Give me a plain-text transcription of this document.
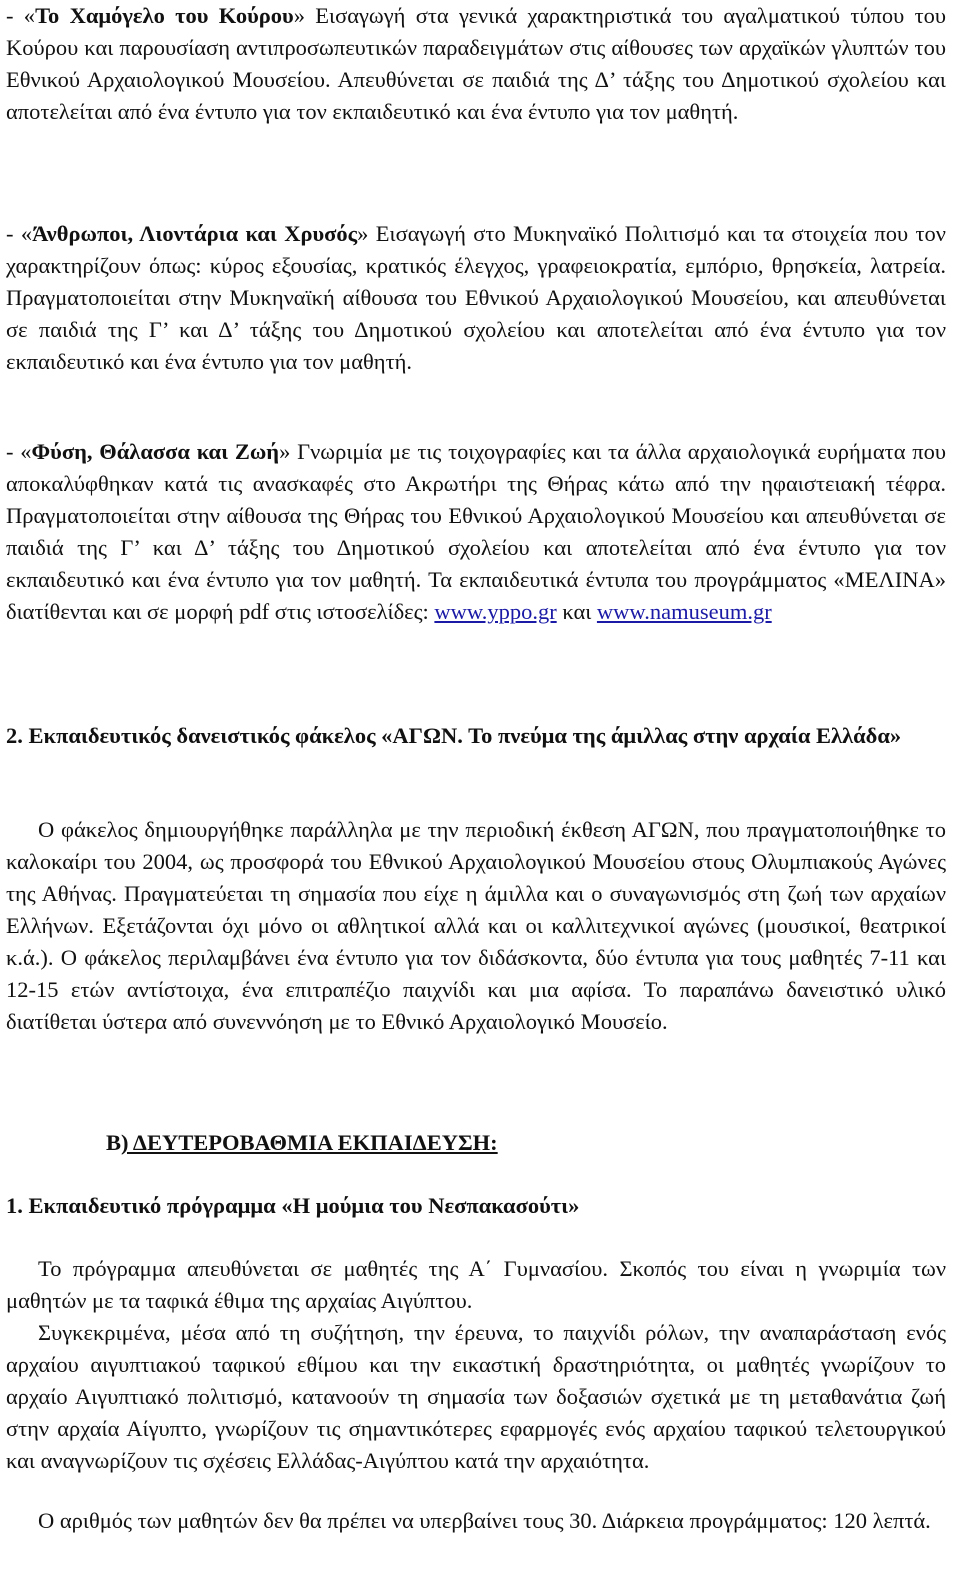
- «Το Χαμόγελο του Κούρου» Εισαγωγή στα γενικά χαρακτηριστικά του αγαλματικού τύπου του Κούρου και παρουσίαση αντιπροσωπευτικών παραδειγμάτων στις αίθουσες των αρχαϊκών γλυπτών του Εθνικού Αρχαιολογικού Μουσείου. Απευθύνεται σε παιδιά της Δ’ τάξης του Δημοτικού σχολείου και αποτελείται από ένα έντυπο για τον εκπαιδευτικό και ένα έντυπο για τον μαθητή.

- «Άνθρωποι, Λιοντάρια και Χρυσός» Εισαγωγή στο Μυκηναϊκό Πολιτισμό και τα στοιχεία που τον χαρακτηρίζουν όπως: κύρος εξουσίας, κρατικός έλεγχος, γραφειοκρατία, εμπόριο, θρησκεία, λατρεία. Πραγματοποιείται στην Μυκηναϊκή αίθουσα του Εθνικού Αρχαιολογικού Μουσείου, και απευθύνεται σε παιδιά της Γ’ και Δ’ τάξης του Δημοτικού σχολείου και αποτελείται από ένα έντυπο για τον εκπαιδευτικό και ένα έντυπο για τον μαθητή.

- «Φύση, Θάλασσα και Ζωή» Γνωριμία με τις τοιχογραφίες και τα άλλα αρχαιολογικά ευρήματα που αποκαλύφθηκαν κατά τις ανασκαφές στο Ακρωτήρι της Θήρας κάτω από την ηφαιστειακή τέφρα. Πραγματοποιείται στην αίθουσα της Θήρας του Εθνικού Αρχαιολογικού Μουσείου και απευθύνεται σε παιδιά της Γ’ και Δ’ τάξης του Δημοτικού σχολείου και αποτελείται από ένα έντυπο για τον εκπαιδευτικό και ένα έντυπο για τον μαθητή. Τα εκπαιδευτικά έντυπα του προγράμματος «ΜΕΛΙΝΑ» διατίθενται και σε μορφή pdf στις ιστοσελίδες: www.yppo.gr και www.namuseum.gr

2. Εκπαιδευτικός δανειστικός φάκελος «ΑΓΩΝ. Το πνεύμα της άμιλλας στην αρχαία Ελλάδα»

Ο φάκελος δημιουργήθηκε παράλληλα με την περιοδική έκθεση ΑΓΩΝ, που πραγματοποιήθηκε το καλοκαίρι του 2004, ως προσφορά του Εθνικού Αρχαιολογικού Μουσείου στους Ολυμπιακούς Αγώνες της Αθήνας. Πραγματεύεται τη σημασία που είχε η άμιλλα και ο συναγωνισμός στη ζωή των αρχαίων Ελλήνων. Εξετάζονται όχι μόνο οι αθλητικοί αλλά και οι καλλιτεχνικοί αγώνες (μουσικοί, θεατρικοί κ.ά.). Ο φάκελος περιλαμβάνει ένα έντυπο για τον διδάσκοντα, δύο έντυπα για τους μαθητές 7-11 και 12-15 ετών αντίστοιχα, ένα επιτραπέζιο παιχνίδι και μια αφίσα. Το παραπάνω δανειστικό υλικό διατίθεται ύστερα από συνεννόηση με το Εθνικό Αρχαιολογικό Μουσείο.

Β) ΔΕΥΤΕΡΟΒΑΘΜΙΑ ΕΚΠΑΙΔΕΥΣΗ:

1. Εκπαιδευτικό πρόγραμμα «Η μούμια του Νεσπακασούτι»

Το πρόγραμμα απευθύνεται σε μαθητές της Α΄ Γυμνασίου. Σκοπός του είναι η γνωριμία των μαθητών με τα ταφικά έθιμα της αρχαίας Αιγύπτου.

Συγκεκριμένα, μέσα από τη συζήτηση, την έρευνα, το παιχνίδι ρόλων, την αναπαράσταση ενός αρχαίου αιγυπτιακού ταφικού εθίμου και την εικαστική δραστηριότητα, οι μαθητές γνωρίζουν το αρχαίο Αιγυπτιακό πολιτισμό, κατανοούν τη σημασία των δοξασιών σχετικά με τη μεταθανάτια ζωή στην αρχαία Αίγυπτο, γνωρίζουν τις σημαντικότερες εφαρμογές ενός αρχαίου ταφικού τελετουργικού και αναγνωρίζουν τις σχέσεις Ελλάδας-Αιγύπτου κατά την αρχαιότητα.

Ο αριθμός των μαθητών δεν θα πρέπει να υπερβαίνει τους 30. Διάρκεια προγράμματος: 120 λεπτά.
